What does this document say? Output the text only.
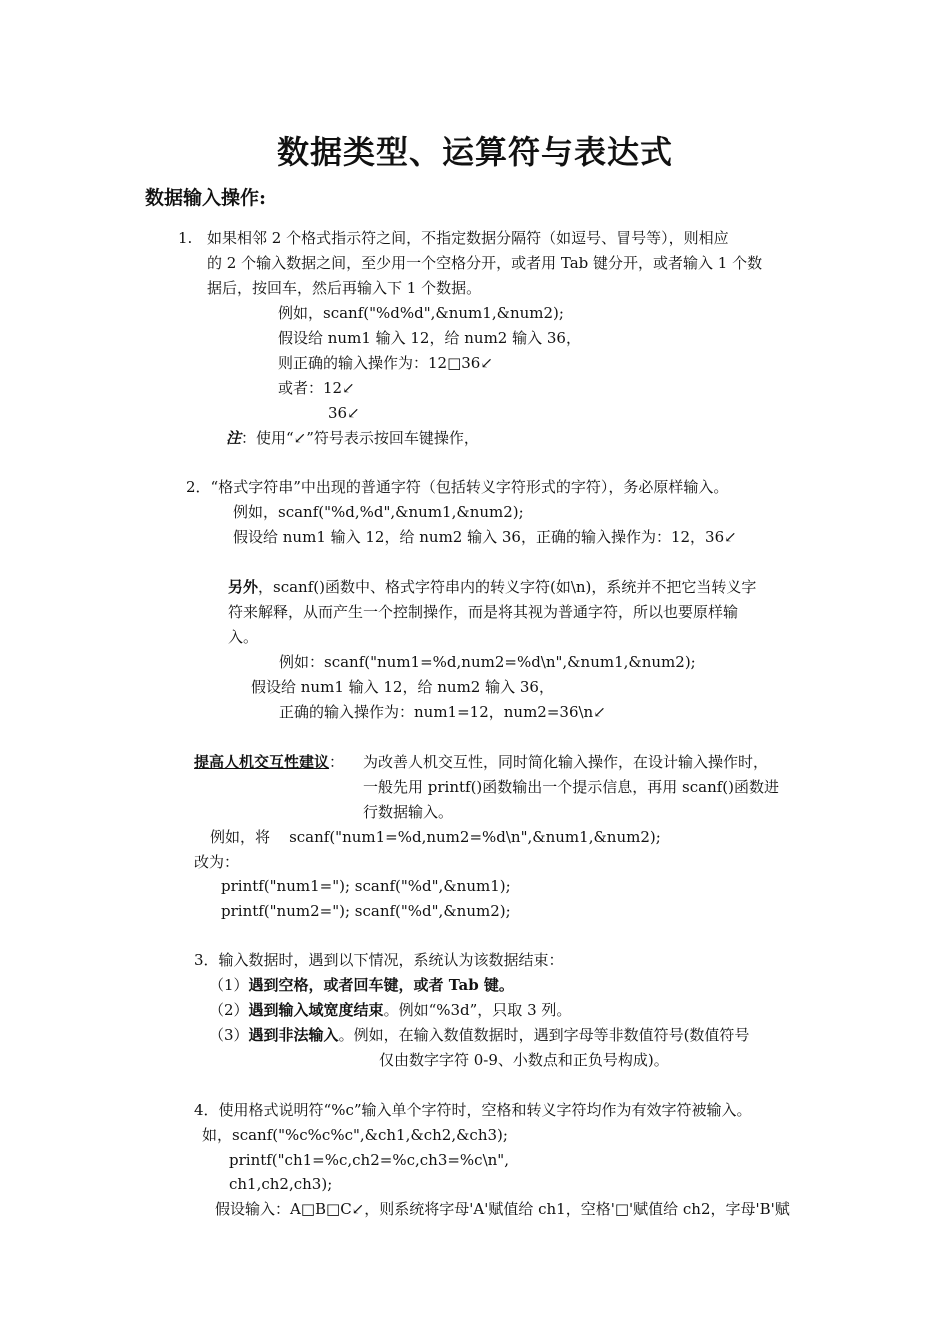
数据类型、运算符与表达式
数据输入操作:
1. 如果相邻 2 个格式指示符之间，不指定数据分隔符（如逗号、冒号等），则相应
的 2 个输入数据之间，至少用一个空格分开，或者用 Tab 键分开，或者输入 1 个数
据后，按回车，然后再输入下 1 个数据。
例如，scanf("%d%d",&num1,&num2);
假设给 num1 输入 12，给 num2 输入 36，
则正确的输入操作为：12□36↙
或者：12↙
36↙
注：使用“↙”符号表示按回车键操作，
2．“格式字符串”中出现的普通字符（包括转义字符形式的字符），务必原样输入。
例如，scanf("%d,%d",&num1,&num2);
假设给 num1 输入 12，给 num2 输入 36，正确的输入操作为：12，36↙
另外，scanf()函数中、格式字符串内的转义字符(如\n)，系统并不把它当转义字
符来解释，从而产生一个控制操作，而是将其视为普通字符，所以也要原样输
入。
例如：scanf("num1=%d,num2=%d\n",&num1,&num2);
假设给 num1 输入 12，给 num2 输入 36，
正确的输入操作为：num1=12，num2=36\n↙
提高人机交互性建议： 为改善人机交互性，同时简化输入操作，在设计输入操作时，
一般先用 printf()函数输出一个提示信息，再用 scanf()函数进
行数据输入。
例如，将    scanf("num1=%d,num2=%d\n",&num1,&num2);
改为：
printf("num1="); scanf("%d",&num1);
printf("num2="); scanf("%d",&num2);
3．输入数据时，遇到以下情况，系统认为该数据结束：
（1）遇到空格，或者回车键，或者 Tab 键。
（2）遇到输入域宽度结束。例如“%3d”，只取 3 列。
（3）遇到非法输入。例如，在输入数值数据时，遇到字母等非数值符号(数值符号
仅由数字字符 0-9、小数点和正负号构成)。
4．使用格式说明符“%c”输入单个字符时，空格和转义字符均作为有效字符被输入。
如，scanf("%c%c%c",&ch1,&ch2,&ch3);
printf("ch1=%c,ch2=%c,ch3=%c\n",
ch1,ch2,ch3);
假设输入：A□B□C↙，则系统将字母'A'赋值给 ch1，空格'□'赋值给 ch2，字母'B'赋
